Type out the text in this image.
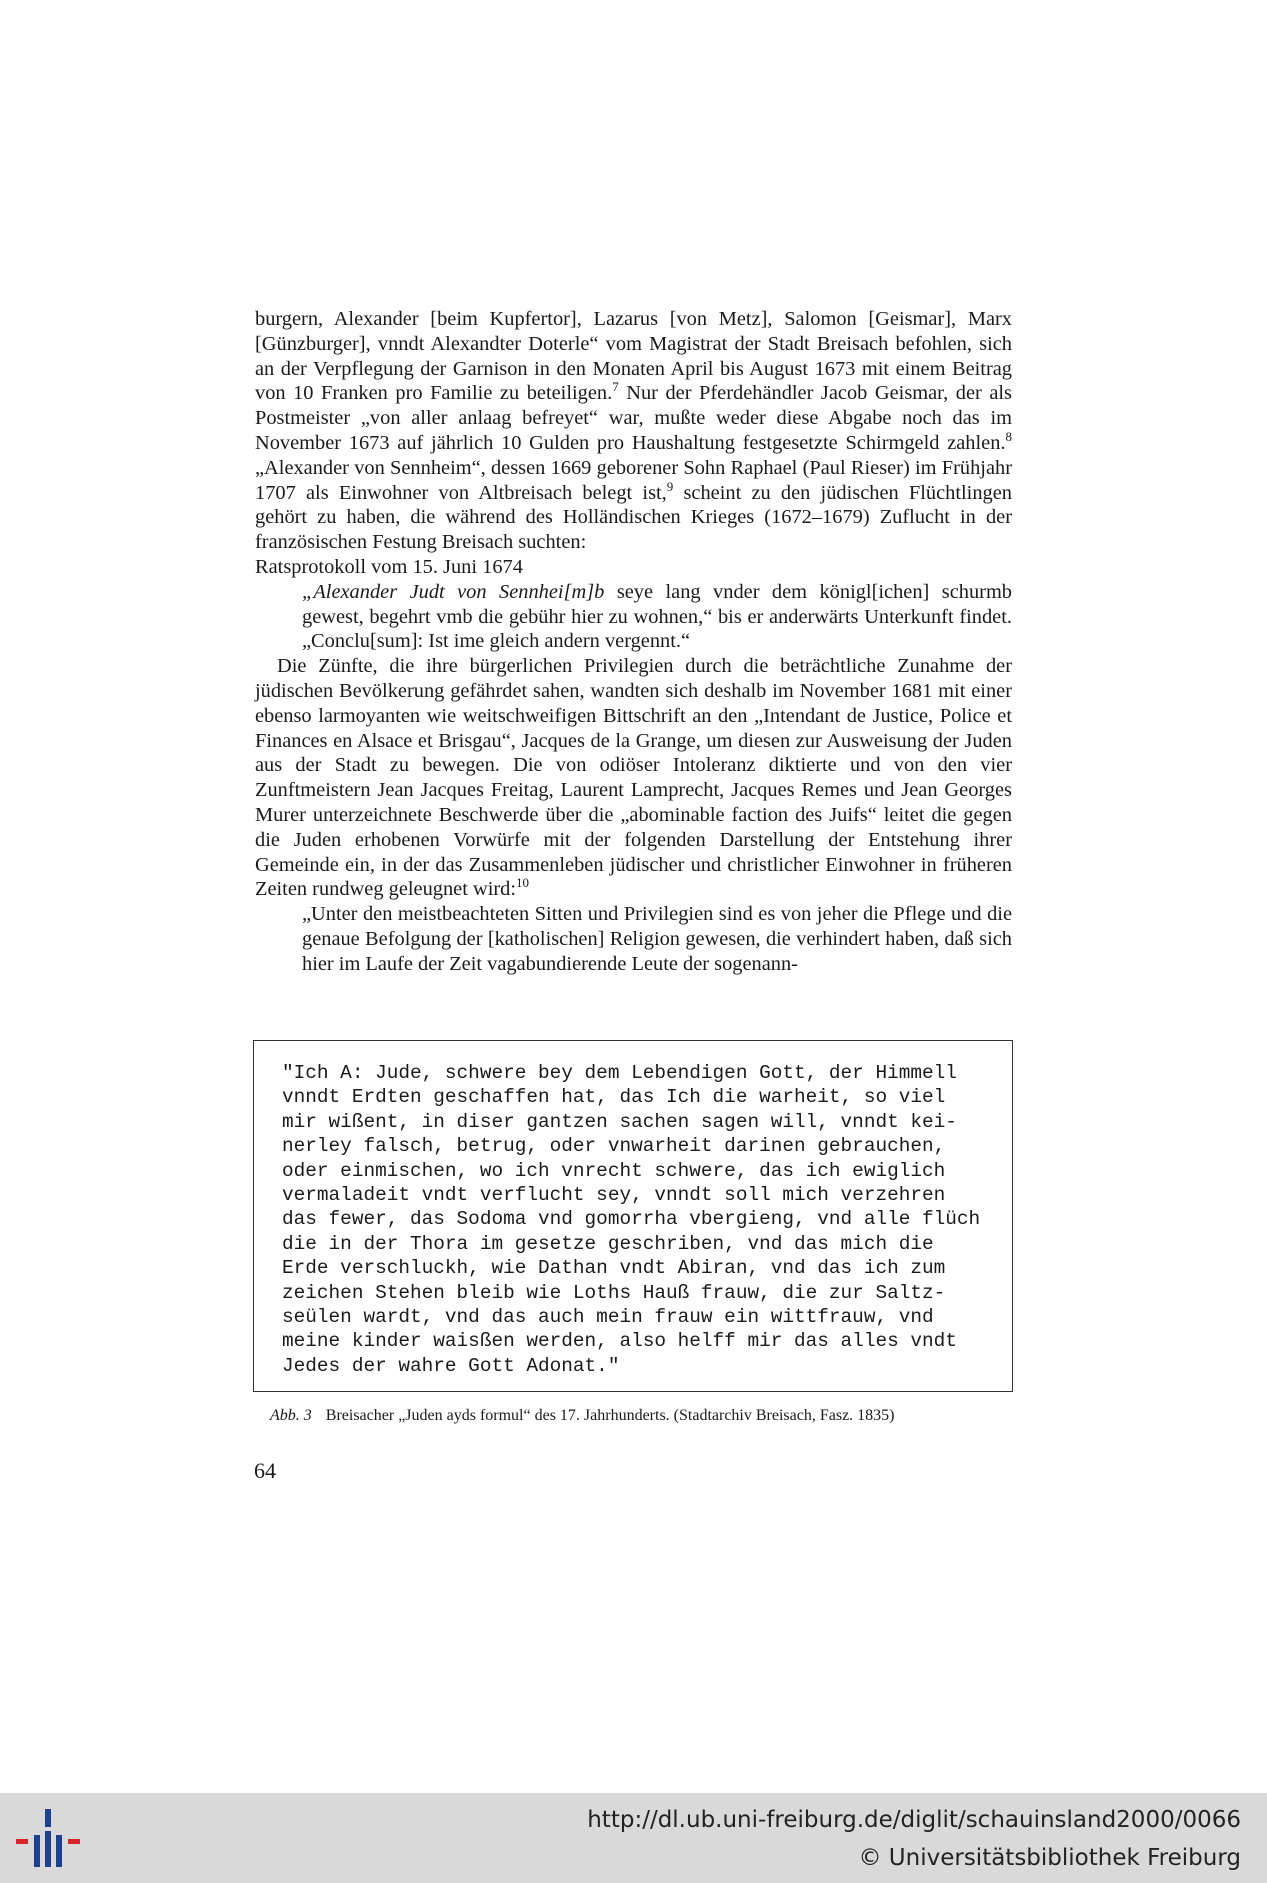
burgern, Alexander [beim Kupfertor], Lazarus [von Metz], Salomon [Geismar], Marx [Günzburger], vnndt Alexandter Doterle“ vom Magistrat der Stadt Breisach befohlen, sich an der Verpflegung der Garnison in den Monaten April bis August 1673 mit einem Beitrag von 10 Franken pro Familie zu beteiligen.$^7$ Nur der Pferdehändler Jacob Geismar, der als Postmeister „von aller anlaag befreyet“ war, mußte weder diese Abgabe noch das im November 1673 auf jährlich 10 Gulden pro Haushaltung festgesetzte Schirmgeld zahlen.$^8$ „Alexander von Sennheim“, dessen 1669 geborener Sohn Raphael (Paul Rieser) im Frühjahr 1707 als Einwohner von Altbreisach belegt ist,$^9$ scheint zu den jüdischen Flüchtlingen gehört zu haben, die während des Holländischen Krieges (1672–1679) Zuflucht in der französischen Festung Breisach suchten:

Ratsprotokoll vom 15. Juni 1674

„Alexander Judt von Sennhei[m]b seye lang vnder dem königl[ichen] schurmb gewest, begehrt vmb die gebühr hier zu wohnen,“ bis er anderwärts Unterkunft findet. „Conclu[sum]: Ist ime gleich andern vergennt.“

Die Zünfte, die ihre bürgerlichen Privilegien durch die beträchtliche Zunahme der jüdischen Bevölkerung gefährdet sahen, wandten sich deshalb im November 1681 mit einer ebenso larmoyanten wie weitschweifigen Bittschrift an den „Intendant de Justice, Police et Finances en Alsace et Brisgau“, Jacques de la Grange, um diesen zur Ausweisung der Juden aus der Stadt zu bewegen. Die von odiöser Intoleranz diktierte und von den vier Zunftmeistern Jean Jacques Freitag, Laurent Lamprecht, Jacques Remes und Jean Georges Murer unterzeichnete Beschwerde über die „abominable faction des Juifs“ leitet die gegen die Juden erhobenen Vorwürfe mit der folgenden Darstellung der Entstehung ihrer Gemeinde ein, in der das Zusammenleben jüdischer und christlicher Einwohner in früheren Zeiten rundweg geleugnet wird:$^{10}$

„Unter den meistbeachteten Sitten und Privilegien sind es von jeher die Pflege und die genaue Befolgung der [katholischen] Religion gewesen, die verhindert haben, daß sich hier im Laufe der Zeit vagabundierende Leute der sogenann-

"Ich A: Jude, schwere bey dem Lebendigen Gott, der Himmell
vnndt Erdten geschaffen hat, das Ich die warheit, so viel
mir wißent, in diser gantzen sachen sagen will, vnndt kei-
nerley falsch, betrug, oder vnwarheit darinen gebrauchen,
oder einmischen, wo ich vnrecht schwere, das ich ewiglich
vermaladeit vndt verflucht sey, vnndt soll mich verzehren
das fewer, das Sodoma vnd gomorrha vbergieng, vnd alle flüch
die in der Thora im gesetze geschriben, vnd das mich die
Erde verschluckh, wie Dathan vndt Abiran, vnd das ich zum
zeichen Stehen bleib wie Loths Hauß frauw, die zur Saltz-
seülen wardt, vnd das auch mein frauw ein wittfrauw, vnd
meine kinder waisßen werden, also helff mir das alles vndt
Jedes der wahre Gott Adonat."
Abb. 3 Breisacher „Juden ayds formul“ des 17. Jahrhunderts. (Stadtarchiv Breisach, Fasz. 1835)
64
http://dl.ub.uni-freiburg.de/diglit/schauinsland2000/0066
© Universitätsbibliothek Freiburg
